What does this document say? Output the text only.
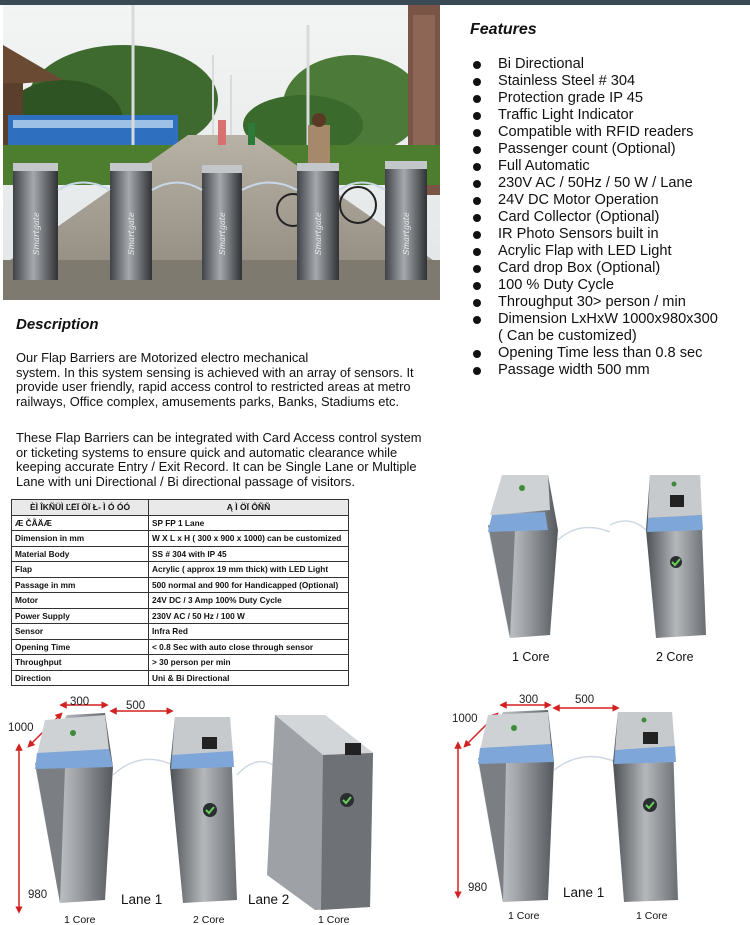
Smartgate	Smartgate	Smartgate	Smartgate	Smartgate
Features
Bi Directional
Stainless Steel # 304
Protection grade IP 45
Traffic Light Indicator
Compatible with RFID readers
Passenger count (Optional)
Full Automatic
230V AC / 50Hz / 50 W / Lane
24V DC Motor Operation
Card Collector (Optional)
IR Photo Sensors built in
Acrylic Flap with LED Light
Card drop Box (Optional)
100 % Duty Cycle
Throughput 30> person / min
Dimension LxHxW 1000x980x300
( Can be customized)
Opening Time less than 0.8 sec
Passage width 500 mm
Description
Our Flap Barriers are Motorized electro mechanical
system. In this system sensing is achieved with an array of sensors. It
provide user friendly, rapid access control to restricted areas at metro
railways, Office complex, amusements parks, Banks, Stadiums etc.
These Flap Barriers can be integrated with Card Access control system
or ticketing systems to ensure quick and automatic clearance while
keeping accurate Entry / Exit Record. It can be Single Lane or Multiple
Lane with uni Directional / Bi directional passage of visitors.
ÈÌ ÎKÑÜÌ ĽËÏ ÖÏ Ł- Ì Ó ÓÓ	Ą Ì ÖÏ ÔÑÑ
Æ ČÃÄÆ	SP FP 1 Lane
Dimension in mm	W X L x H ( 300 x 900 x 1000) can be customized
Material Body	SS # 304 with IP 45
Flap	Acrylic ( approx 19 mm thick) with LED Light
Passage in mm	500 normal and 900 for Handicapped (Optional)
Motor	24V DC / 3 Amp 100% Duty Cycle
Power Supply	230V AC / 50 Hz / 100 W
Sensor	Infra Red
Opening Time	< 0.8 Sec with auto close through sensor
Throughput	> 30 person per min
Direction	Uni & Bi Directional
1 Core	2 Core
300	500
1000
980	Lane 1	Lane 2
1 Core	2 Core	1 Core
300	500
1000
980	Lane 1
1 Core	1 Core
